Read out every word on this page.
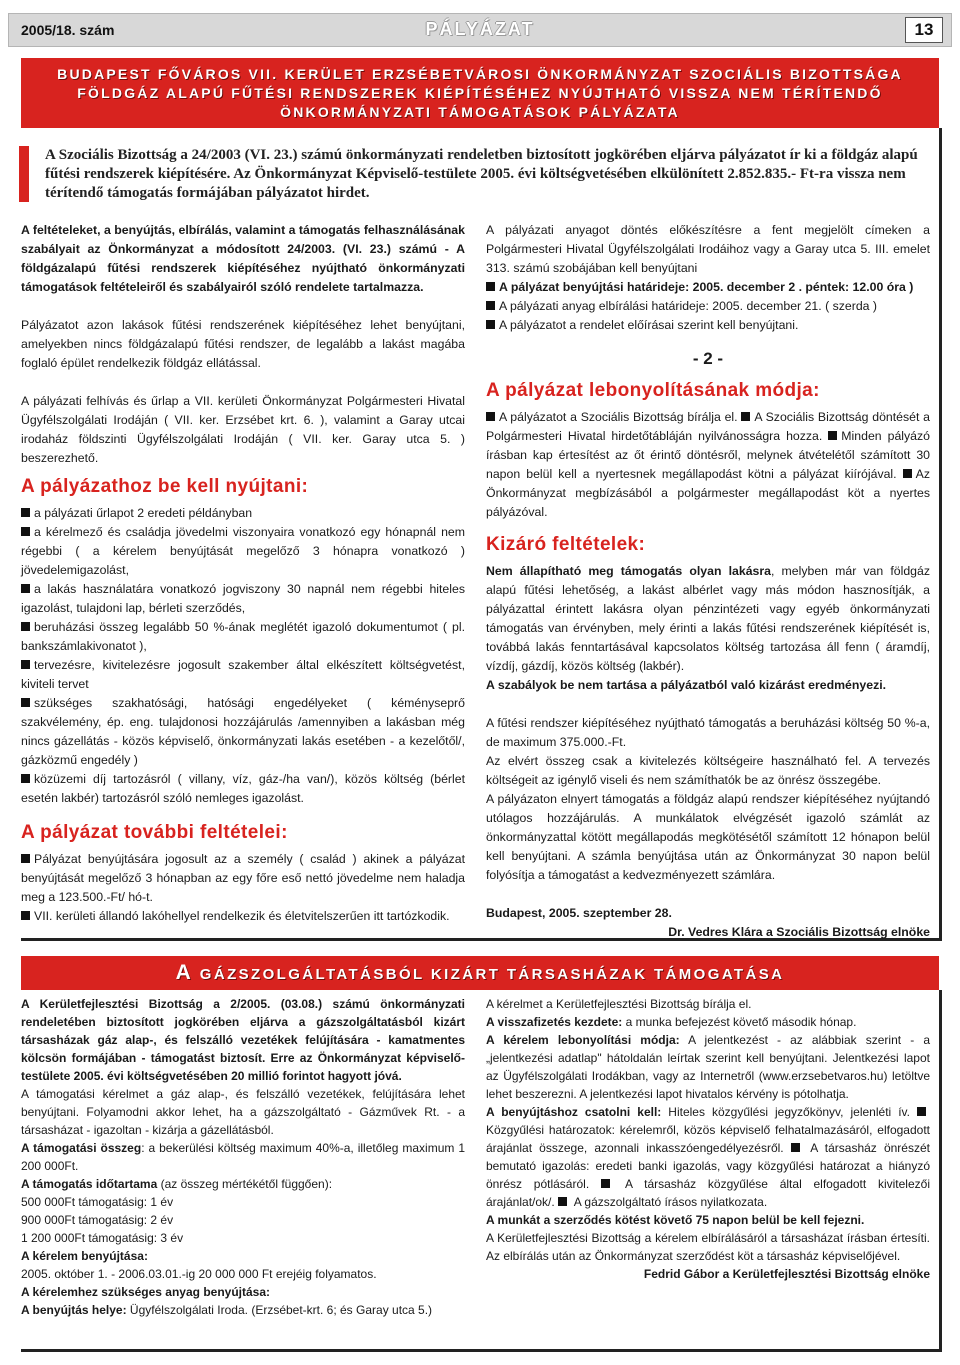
2005/18. szám	PÁLYÁZAT	13
BUDAPEST FŐVÁROS VII. KERÜLET ERZSÉBETVÁROSI ÖNKORMÁNYZAT SZOCIÁLIS BIZOTTSÁGA
FÖLDGÁZ ALAPÚ FŰTÉSI RENDSZEREK KIÉPÍTÉSÉHEZ NYÚJTHATÓ VISSZA NEM TÉRÍTENDŐ
ÖNKORMÁNYZATI TÁMOGATÁSOK PÁLYÁZATA

A Szociális Bizottság a 24/2003 (VI. 23.) számú önkormányzati rendeletben biztosított jogkörében eljárva pályázatot ír ki a földgáz alapú fűtési rendszerek kiépítésére. Az Önkormányzat Képviselő-testülete 2005. évi költségvetésében elkülönített 2.852.835.- Ft-ra vissza nem térítendő támogatás formájában pályázatot hirdet.

A feltételeket, a benyújtás, elbírálás, valamint a támogatás felhasználásának szabályait az Önkormányzat a módosított 24/2003. (VI. 23.) számú - A földgázalapú fűtési rendszerek kiépítéséhez nyújtható önkormányzati támogatások feltételeiről és szabályairól szóló rendelete tartalmazza.

Pályázatot azon lakások fűtési rendszerének kiépítéséhez lehet benyújtani, amelyekben nincs földgázalapú fűtési rendszer, de legalább a lakást magába foglaló épület rendelkezik földgáz ellátással.

A pályázati felhívás és űrlap a VII. kerületi Önkormányzat Polgármesteri Hivatal Ügyfélszolgálati Irodáján ( VII. ker. Erzsébet krt. 6. ), valamint a Garay utcai irodaház földszinti Ügyfélszolgálati Irodáján ( VII. ker. Garay utca 5. ) beszerezhető.

A pályázathoz be kell nyújtani:

a pályázati űrlapot 2 eredeti példányban

a kérelmező és családja jövedelmi viszonyaira vonatkozó egy hónapnál nem régebbi ( a kérelem benyújtását megelőző 3 hónapra vonatkozó ) jövedelemigazolást,

a lakás használatára vonatkozó jogviszony 30 napnál nem régebbi hiteles igazolást, tulajdoni lap, bérleti szerződés,

beruházási összeg legalább 50 %-ának meglétét igazoló dokumentumot ( pl. bankszámlakivonatot ),

tervezésre, kivitelezésre jogosult szakember által elkészített költségvetést, kiviteli tervet

szükséges szakhatósági, hatósági engedélyeket ( kéményseprő szakvélemény, ép. eng. tulajdonosi hozzájárulás /amennyiben a lakásban még nincs gázellátás - közös képviselő, önkormányzati lakás esetében - a kezelőtől/, gázközmű engedély )

közüzemi díj tartozásról ( villany, víz, gáz-/ha van/), közös költség (bérlet esetén lakbér) tartozásról szóló nemleges igazolást.

A pályázat további feltételei:

Pályázat benyújtására jogosult az a személy ( család ) akinek a pályázat benyújtását megelőző 3 hónapban az egy főre eső nettó jövedelme nem haladja meg a 123.500.-Ft/ hó-t.

VII. kerületi állandó lakóhellyel rendelkezik és életvitelszerűen itt tartózkodik.

A pályázati anyagot döntés előkészítésre a fent megjelölt címeken a Polgármesteri Hivatal Ügyfélszolgálati Irodáihoz vagy a Garay utca 5. III. emelet 313. számú szobájában kell benyújtani

A pályázat benyújtási határideje: 2005. december 2 . péntek: 12.00 óra )

A pályázati anyag elbírálási határideje: 2005. december 21. ( szerda )

A pályázatot a rendelet előírásai szerint kell benyújtani.

- 2 -
A pályázat lebonyolításának módja:

A pályázatot a Szociális Bizottság bírálja el. A Szociális Bizottság döntését a Polgármesteri Hivatal hirdetőtábláján nyilvánosságra hozza. Minden pályázó írásban kap értesítést az őt érintő döntésről, melynek átvételétől számított 30 napon belül kell a nyertesnek megállapodást kötni a pályázat kiírójával. Az Önkormányzat megbízásából a polgármester megállapodást köt a nyertes pályázóval.

Kizáró feltételek:

Nem állapítható meg támogatás olyan lakásra, melyben már van földgáz alapú fűtési lehetőség, a lakást albérlet vagy más módon hasznosítják, a pályázattal érintett lakásra olyan pénzintézeti vagy egyéb önkormányzati támogatás van érvényben, mely érinti a lakás fűtési rendszerének kiépítését is, továbbá lakás fenntartásával kapcsolatos költség tartozása áll fenn ( áramdíj, vízdíj, gázdíj, közös költség (lakbér).

A szabályok be nem tartása a pályázatból való kizárást eredményezi.

A fűtési rendszer kiépítéséhez nyújtható támogatás a beruházási költség 50 %-a, de maximum 375.000.-Ft.

Az elvért összeg csak a kivitelezés költségeire használható fel. A tervezés költségeit az igénylő viseli és nem számíthatók be az önrész összegébe.

A pályázaton elnyert támogatás a földgáz alapú rendszer kiépítéséhez nyújtandó utólagos hozzájárulás. A munkálatok elvégzését igazoló számlát az önkormányzattal kötött megállapodás megkötésétől számított 12 hónapon belül kell benyújtani. A számla benyújtása után az Önkormányzat 30 napon belül folyósítja a támogatást a kedvezményezett számlára.

Budapest, 2005. szeptember 28.

Dr. Vedres Klára a Szociális Bizottság elnöke

A GÁZSZOLGÁLTATÁSBÓL KIZÁRT TÁRSASHÁZAK TÁMOGATÁSA

A Kerületfejlesztési Bizottság a 2/2005. (03.08.) számú önkormányzati rendeletében biztosított jogkörében eljárva a gázszolgáltatásból kizárt társasházak gáz alap-, és felszálló vezetékek felújítására - kamatmentes kölcsön formájában - támogatást biztosít. Erre az Önkormányzat képviselő-testülete 2005. évi költségvetésében 20 millió forintot hagyott jóvá.

A támogatási kérelmet a gáz alap-, és felszálló vezetékek, felújítására lehet benyújtani. Folyamodni akkor lehet, ha a gázszolgáltató - Gázművek Rt. - a társasházat - igazoltan - kizárja a gázellátásból.

A támogatási összeg: a bekerülési költség maximum 40%-a, illetőleg maximum 1 200 000Ft.

A támogatás időtartama (az összeg mértékétől függően):

500 000Ft támogatásig: 1 év

900 000Ft támogatásig: 2 év

1 200 000Ft támogatásig: 3 év

A kérelem benyújtása:

2005. október 1. - 2006.03.01.-ig 20 000 000 Ft erejéig folyamatos.

A kérelemhez szükséges anyag benyújtása:

A benyújtás helye: Ügyfélszolgálati Iroda. (Erzsébet-krt. 6; és Garay utca 5.)

A kérelmet a Kerületfejlesztési Bizottság bírálja el.

A visszafizetés kezdete: a munka befejezést követő második hónap.

A kérelem lebonyolítási módja: A jelentkezést - az alábbiak szerint - a „jelentkezési adatlap" hátoldalán leírtak szerint kell benyújtani. Jelentkezési lapot az Ügyfélszolgálati Irodákban, vagy az Internetről (www.erzsebetvaros.hu) letöltve lehet beszerezni. A jelentkezési lapot hivatalos kérvény is pótolhatja.

A benyújtáshoz csatolni kell: Hiteles közgyűlési jegyzőkönyv, jelenléti ív.  Közgyűlési határozatok: kérelemről, közös képviselő felhatalmazásáról, elfogadott árajánlat összege, azonnali inkasszóengedélyezésről.  A társasház önrészét bemutató igazolás: eredeti banki igazolás, vagy közgyűlési határozat a hiányzó önrész pótlásáról.  A társasház közgyűlése által elfogadott kivitelezői árajánlat/ok/.  A gázszolgáltató írásos nyilatkozata.

A munkát a szerződés kötést követő 75 napon belül be kell fejezni.

A Kerületfejlesztési Bizottság a kérelem elbírálásáról a társasházat írásban értesíti. Az elbírálás után az Önkormányzat szerződést köt a társasház képviselőjével.

Fedrid Gábor a Kerületfejlesztési Bizottság elnöke
